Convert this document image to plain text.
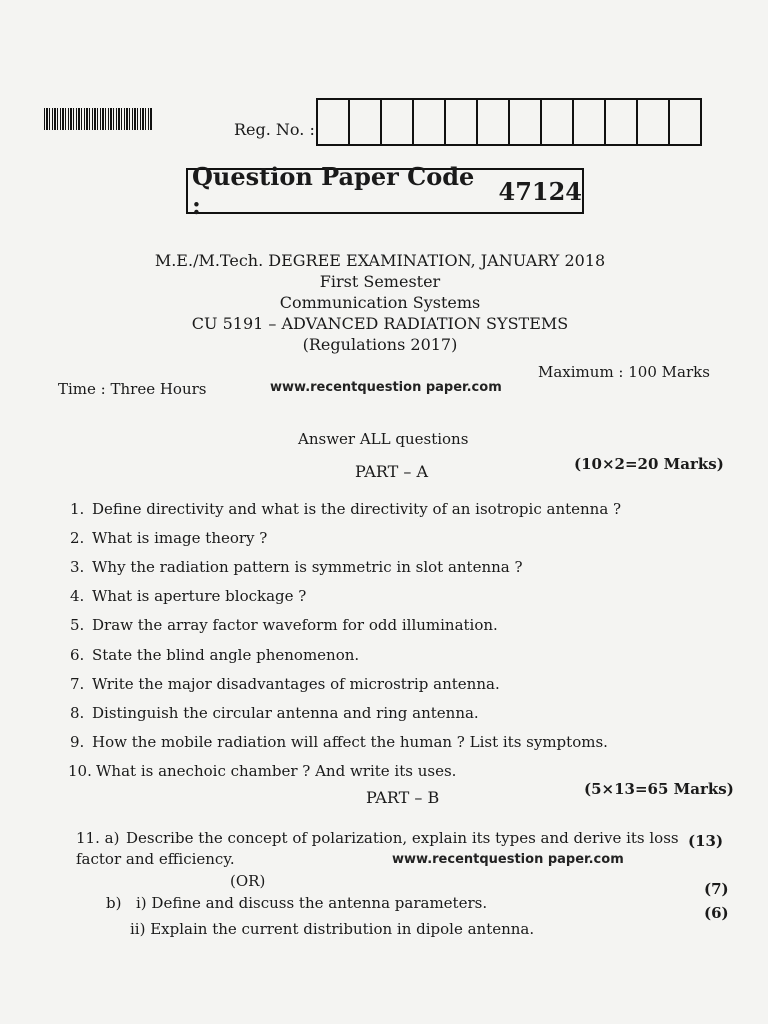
Reg. No. :
Question Paper Code :	47124
M.E./M.Tech. DEGREE EXAMINATION, JANUARY 2018
First Semester
Communication Systems
CU 5191 – ADVANCED RADIATION SYSTEMS
(Regulations 2017)
Time : Three Hours
Maximum : 100 Marks
www.recentquestion paper.com
Answer ALL questions
PART – A	(10×2=20 Marks)
1. Define directivity and what is the directivity of an isotropic antenna ?
2. What is image theory ?
3. Why the radiation pattern is symmetric in slot antenna ?
4. What is aperture blockage ?
5. Draw the array factor waveform for odd illumination.
6. State the blind angle phenomenon.
7. Write the major disadvantages of microstrip antenna.
8. Distinguish the circular antenna and ring antenna.
9. How the mobile radiation will affect the human ? List its symptoms.
10. What is anechoic chamber ? And write its uses.
PART – B	(5×13=65 Marks)
11. a) Describe the concept of polarization, explain its types and derive its loss factor and efficiency.
(13)
www.recentquestion paper.com
(OR)
b) i) Define and discuss the antenna parameters.
ii) Explain the current distribution in dipole antenna.
(7)
(6)
